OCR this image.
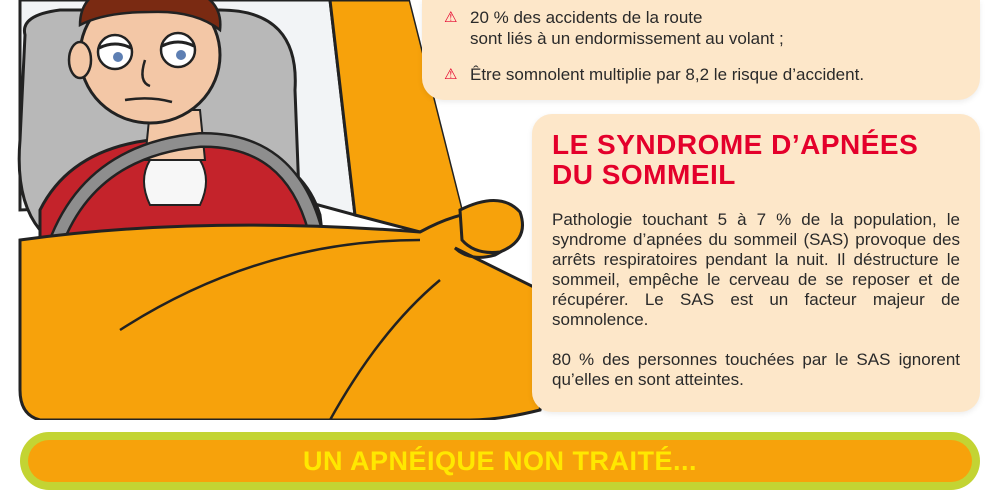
⚠ 20 % des accidents de la route
sont liés à un endormissement au volant ;
⚠ Être somnolent multiplie par 8,2 le risque d’accident.
LE SYNDROME D’APNÉES
DU SOMMEIL

Pathologie touchant 5 à 7 % de la population, le syndrome d’apnées du sommeil (SAS) provoque des arrêts respiratoires pendant la nuit. Il déstructure le sommeil, empêche le cerveau de se reposer et de récupérer. Le SAS est un facteur majeur de somnolence.

80 % des personnes touchées par le SAS ignorent qu’elles en sont atteintes.

UN APNÉIQUE NON TRAITÉ...
